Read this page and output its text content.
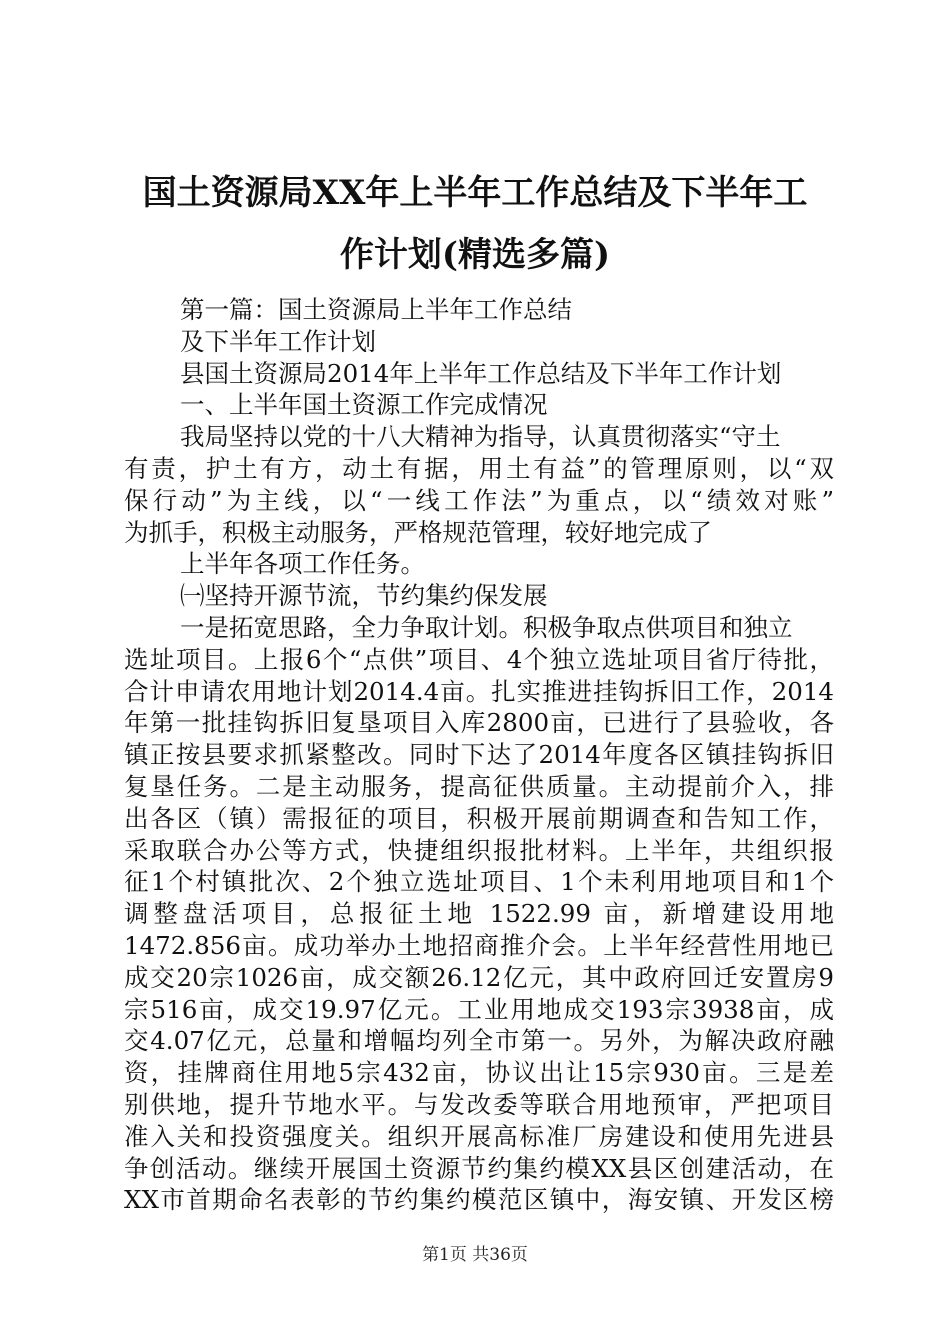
国土资源局XX年上半年工作总结及下半年工
作计划(精选多篇)
第一篇：国土资源局上半年工作总结
及下半年工作计划
县国土资源局2014年上半年工作总结及下半年工作计划
一、上半年国土资源工作完成情况
我局坚持以党的十八大精神为指导，认真贯彻落实“守土
有责，护土有方，动土有据，用土有益”的管理原则，以“双
保行动”为主线，以“一线工作法”为重点，以“绩效对账”
为抓手，积极主动服务，严格规范管理，较好地完成了
上半年各项工作任务。
㈠坚持开源节流，节约集约保发展
一是拓宽思路，全力争取计划。积极争取点供项目和独立
选址项目。上报6个“点供”项目、4个独立选址项目省厅待批，
合计申请农用地计划2014.4亩。扎实推进挂钩拆旧工作，2014
年第一批挂钩拆旧复垦项目入库2800亩，已进行了县验收，各
镇正按县要求抓紧整改。同时下达了2014年度各区镇挂钩拆旧
复垦任务。二是主动服务，提高征供质量。主动提前介入，排
出各区（镇）需报征的项目，积极开展前期调查和告知工作，
采取联合办公等方式，快捷组织报批材料。上半年，共组织报
征1个村镇批次、2个独立选址项目、1个未利用地项目和1个
调整盘活项目，总报征土地 1522.99 亩，新增建设用地
1472.856亩。成功举办土地招商推介会。上半年经营性用地已
成交20宗1026亩，成交额26.12亿元，其中政府回迁安置房9
宗516亩，成交19.97亿元。工业用地成交193宗3938亩，成
交4.07亿元，总量和增幅均列全市第一。另外，为解决政府融
资，挂牌商住用地5宗432亩，协议出让15宗930亩。三是差
别供地，提升节地水平。与发改委等联合用地预审，严把项目
准入关和投资强度关。组织开展高标准厂房建设和使用先进县
争创活动。继续开展国土资源节约集约模XX县区创建活动，在
XX市首期命名表彰的节约集约模范区镇中，海安镇、开发区榜
第1页 共36页
